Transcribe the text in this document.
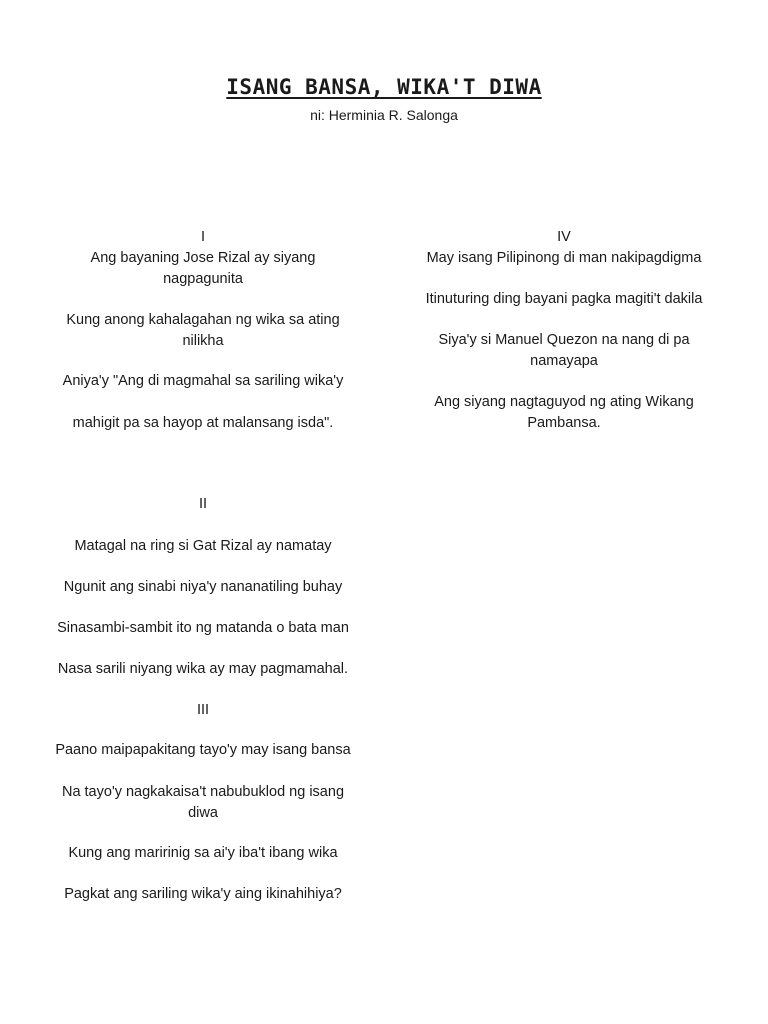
ISANG BANSA, WIKA'T DIWA
ni: Herminia R. Salonga

I

Ang bayaning Jose Rizal ay siyang nagpagunita

Kung anong kahalagahan ng wika sa ating nilikha

Aniya'y "Ang di magmahal sa sariling wika'y

mahigit pa sa hayop at malansang isda".

II

Matagal na ring si Gat Rizal ay namatay

Ngunit ang sinabi niya'y nananatiling buhay

Sinasambi-sambit ito ng matanda o bata man

Nasa sarili niyang wika ay may pagmamahal.

III

Paano maipapakitang tayo'y may isang bansa

Na tayo'y nagkakaisa't nabubuklod ng isang diwa

Kung ang maririnig sa ai'y iba't ibang wika

Pagkat ang sariling wika'y aing ikinahihiya?

IV

May isang Pilipinong di man nakipagdigma

Itinuturing ding bayani pagka magiti't dakila

Siya'y si Manuel Quezon na nang di pa namayapa

Ang siyang nagtaguyod ng ating Wikang Pambansa.
